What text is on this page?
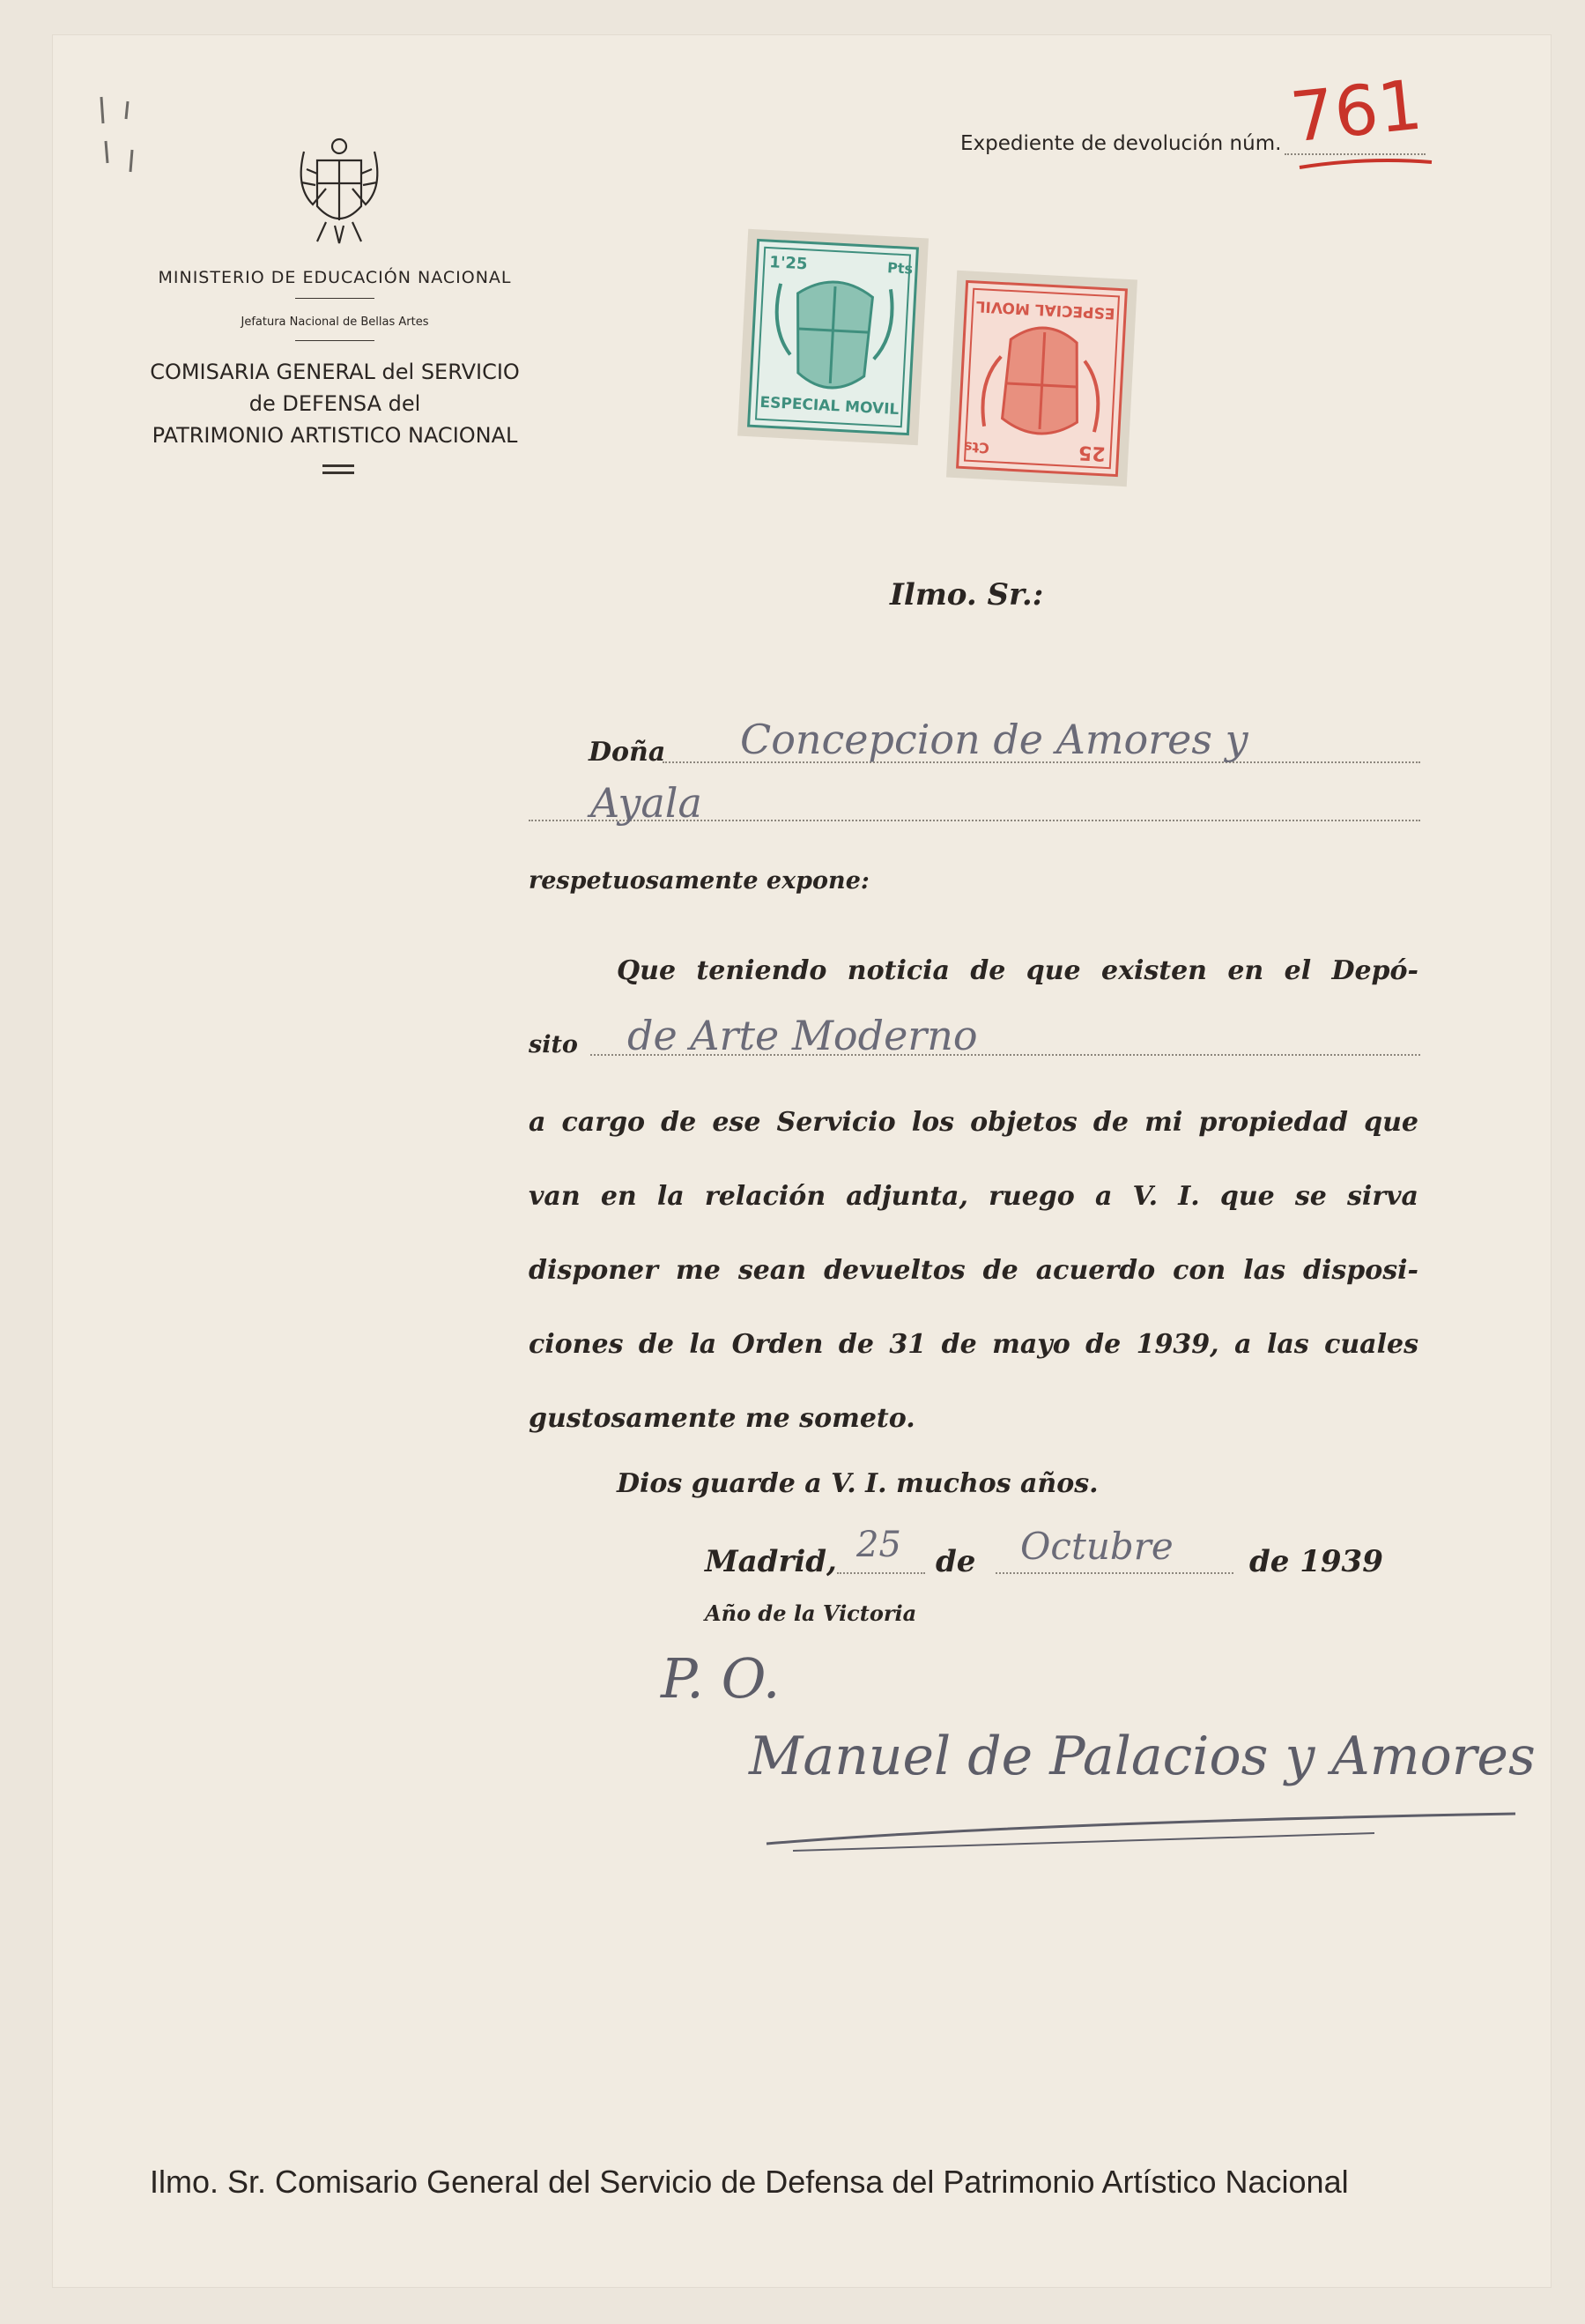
MINISTERIO DE EDUCACIÓN NACIONAL
Jefatura Nacional de Bellas Artes
COMISARIA GENERAL del SERVICIO
de DEFENSA del
PATRIMONIO ARTISTICO NACIONAL
Expediente de devolución núm. 761
1'25	Pts
ESPECIAL MOVIL
25
Cts
ESPECIAL MOVIL
Ilmo. Sr.:
Doña Concepcion de Amores y
Ayala
respetuosamente expone:
Que teniendo noticia de que existen en el Depó-
sito de Arte Moderno
a cargo de ese Servicio los objetos de mi propiedad que
van en la relación adjunta, ruego a V. I. que se sirva
disponer me sean devueltos de acuerdo con las disposi-
ciones de la Orden de 31 de mayo de 1939, a las cuales
gustosamente me someto.
Dios guarde a V. I. muchos años.
Madrid, 25 de Octubre	de 1939
Año de la Victoria
P. O.
Manuel de Palacios y Amores
Ilmo. Sr. Comisario General del Servicio de Defensa del Patrimonio Artístico Nacional
